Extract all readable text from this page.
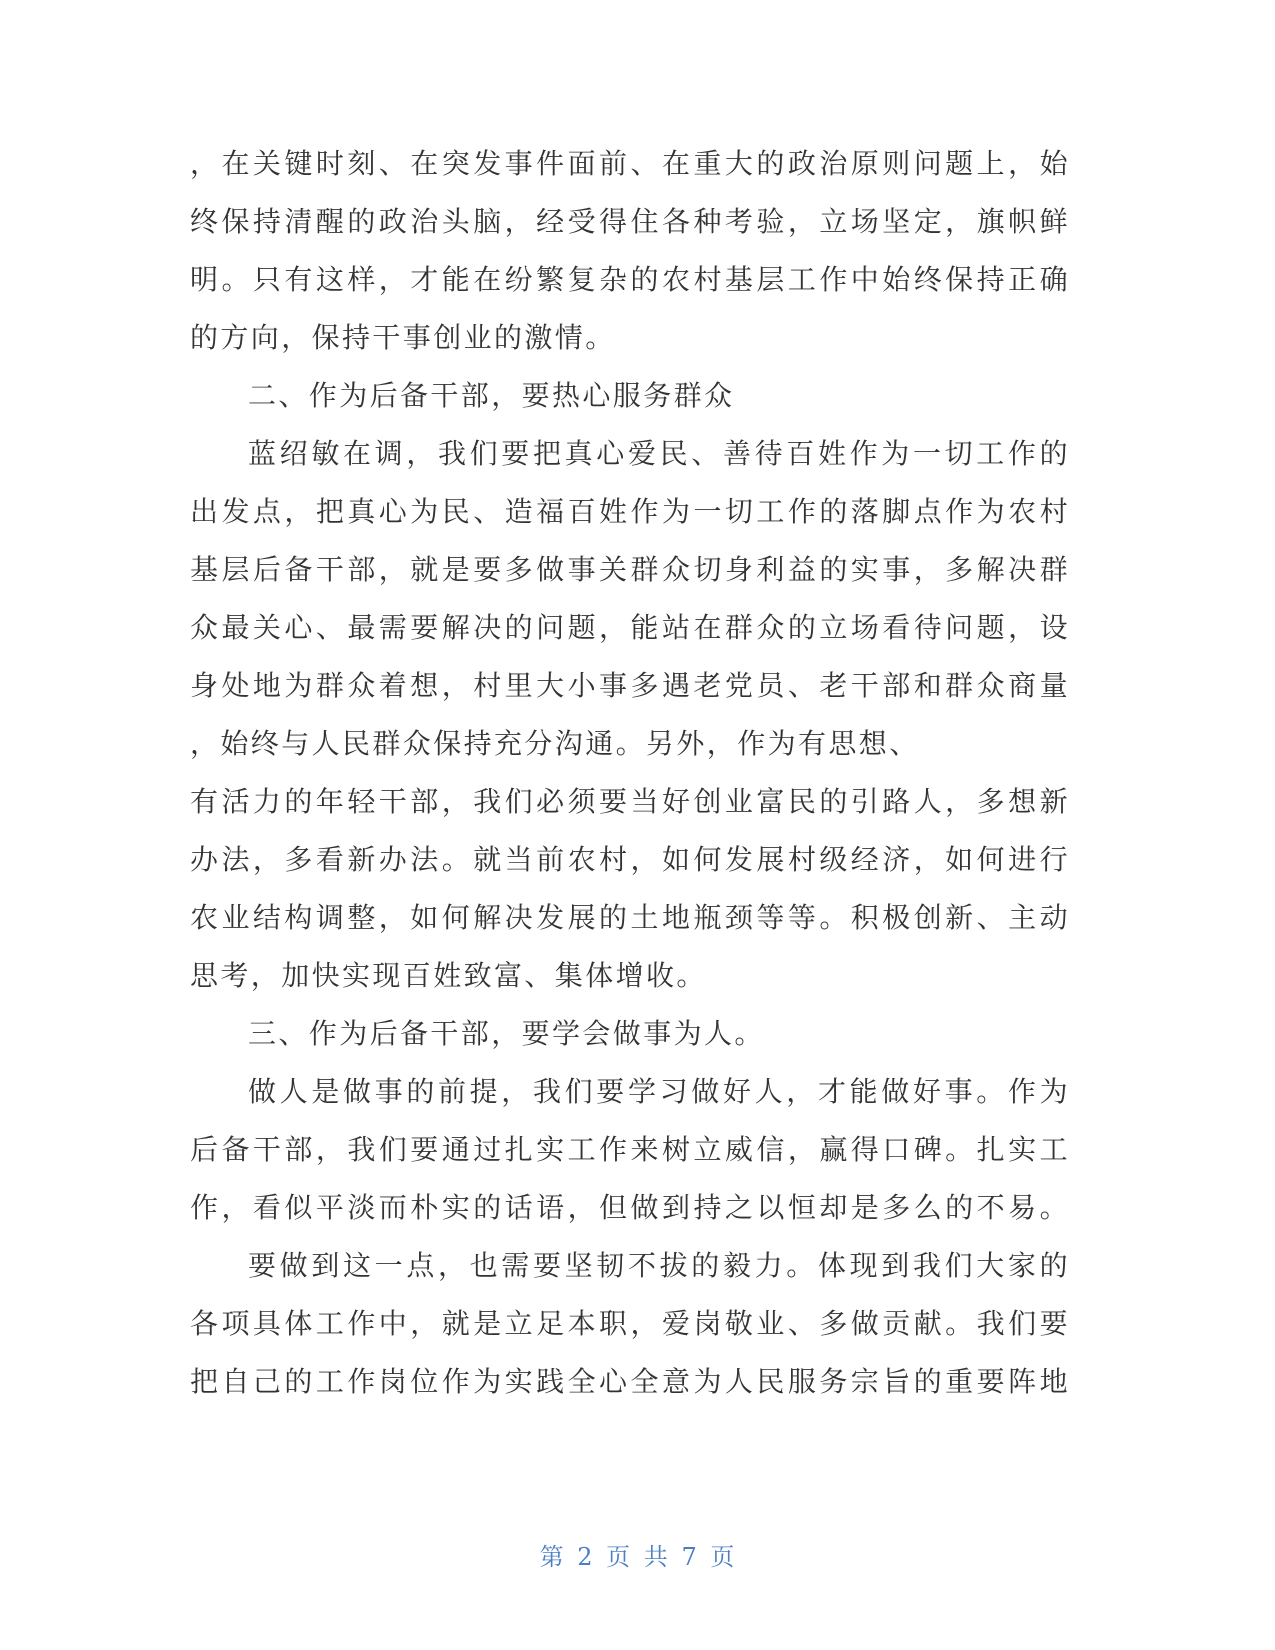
，在关键时刻、在突发事件面前、在重大的政治原则问题上，始

终保持清醒的政治头脑，经受得住各种考验，立场坚定，旗帜鲜

明。只有这样，才能在纷繁复杂的农村基层工作中始终保持正确

的方向，保持干事创业的激情。

二、作为后备干部，要热心服务群众

蓝绍敏在调，我们要把真心爱民、善待百姓作为一切工作的

出发点，把真心为民、造福百姓作为一切工作的落脚点作为农村

基层后备干部，就是要多做事关群众切身利益的实事，多解决群

众最关心、最需要解决的问题，能站在群众的立场看待问题，设

身处地为群众着想，村里大小事多遇老党员、老干部和群众商量

，始终与人民群众保持充分沟通。另外，作为有思想、

有活力的年轻干部，我们必须要当好创业富民的引路人，多想新

办法，多看新办法。就当前农村，如何发展村级经济，如何进行

农业结构调整，如何解决发展的土地瓶颈等等。积极创新、主动

思考，加快实现百姓致富、集体增收。

三、作为后备干部，要学会做事为人。

做人是做事的前提，我们要学习做好人，才能做好事。作为

后备干部，我们要通过扎实工作来树立威信，赢得口碑。扎实工

作，看似平淡而朴实的话语，但做到持之以恒却是多么的不易。

要做到这一点，也需要坚韧不拔的毅力。体现到我们大家的

各项具体工作中，就是立足本职，爱岗敬业、多做贡献。我们要

把自己的工作岗位作为实践全心全意为人民服务宗旨的重要阵地

第 2 页 共 7 页
